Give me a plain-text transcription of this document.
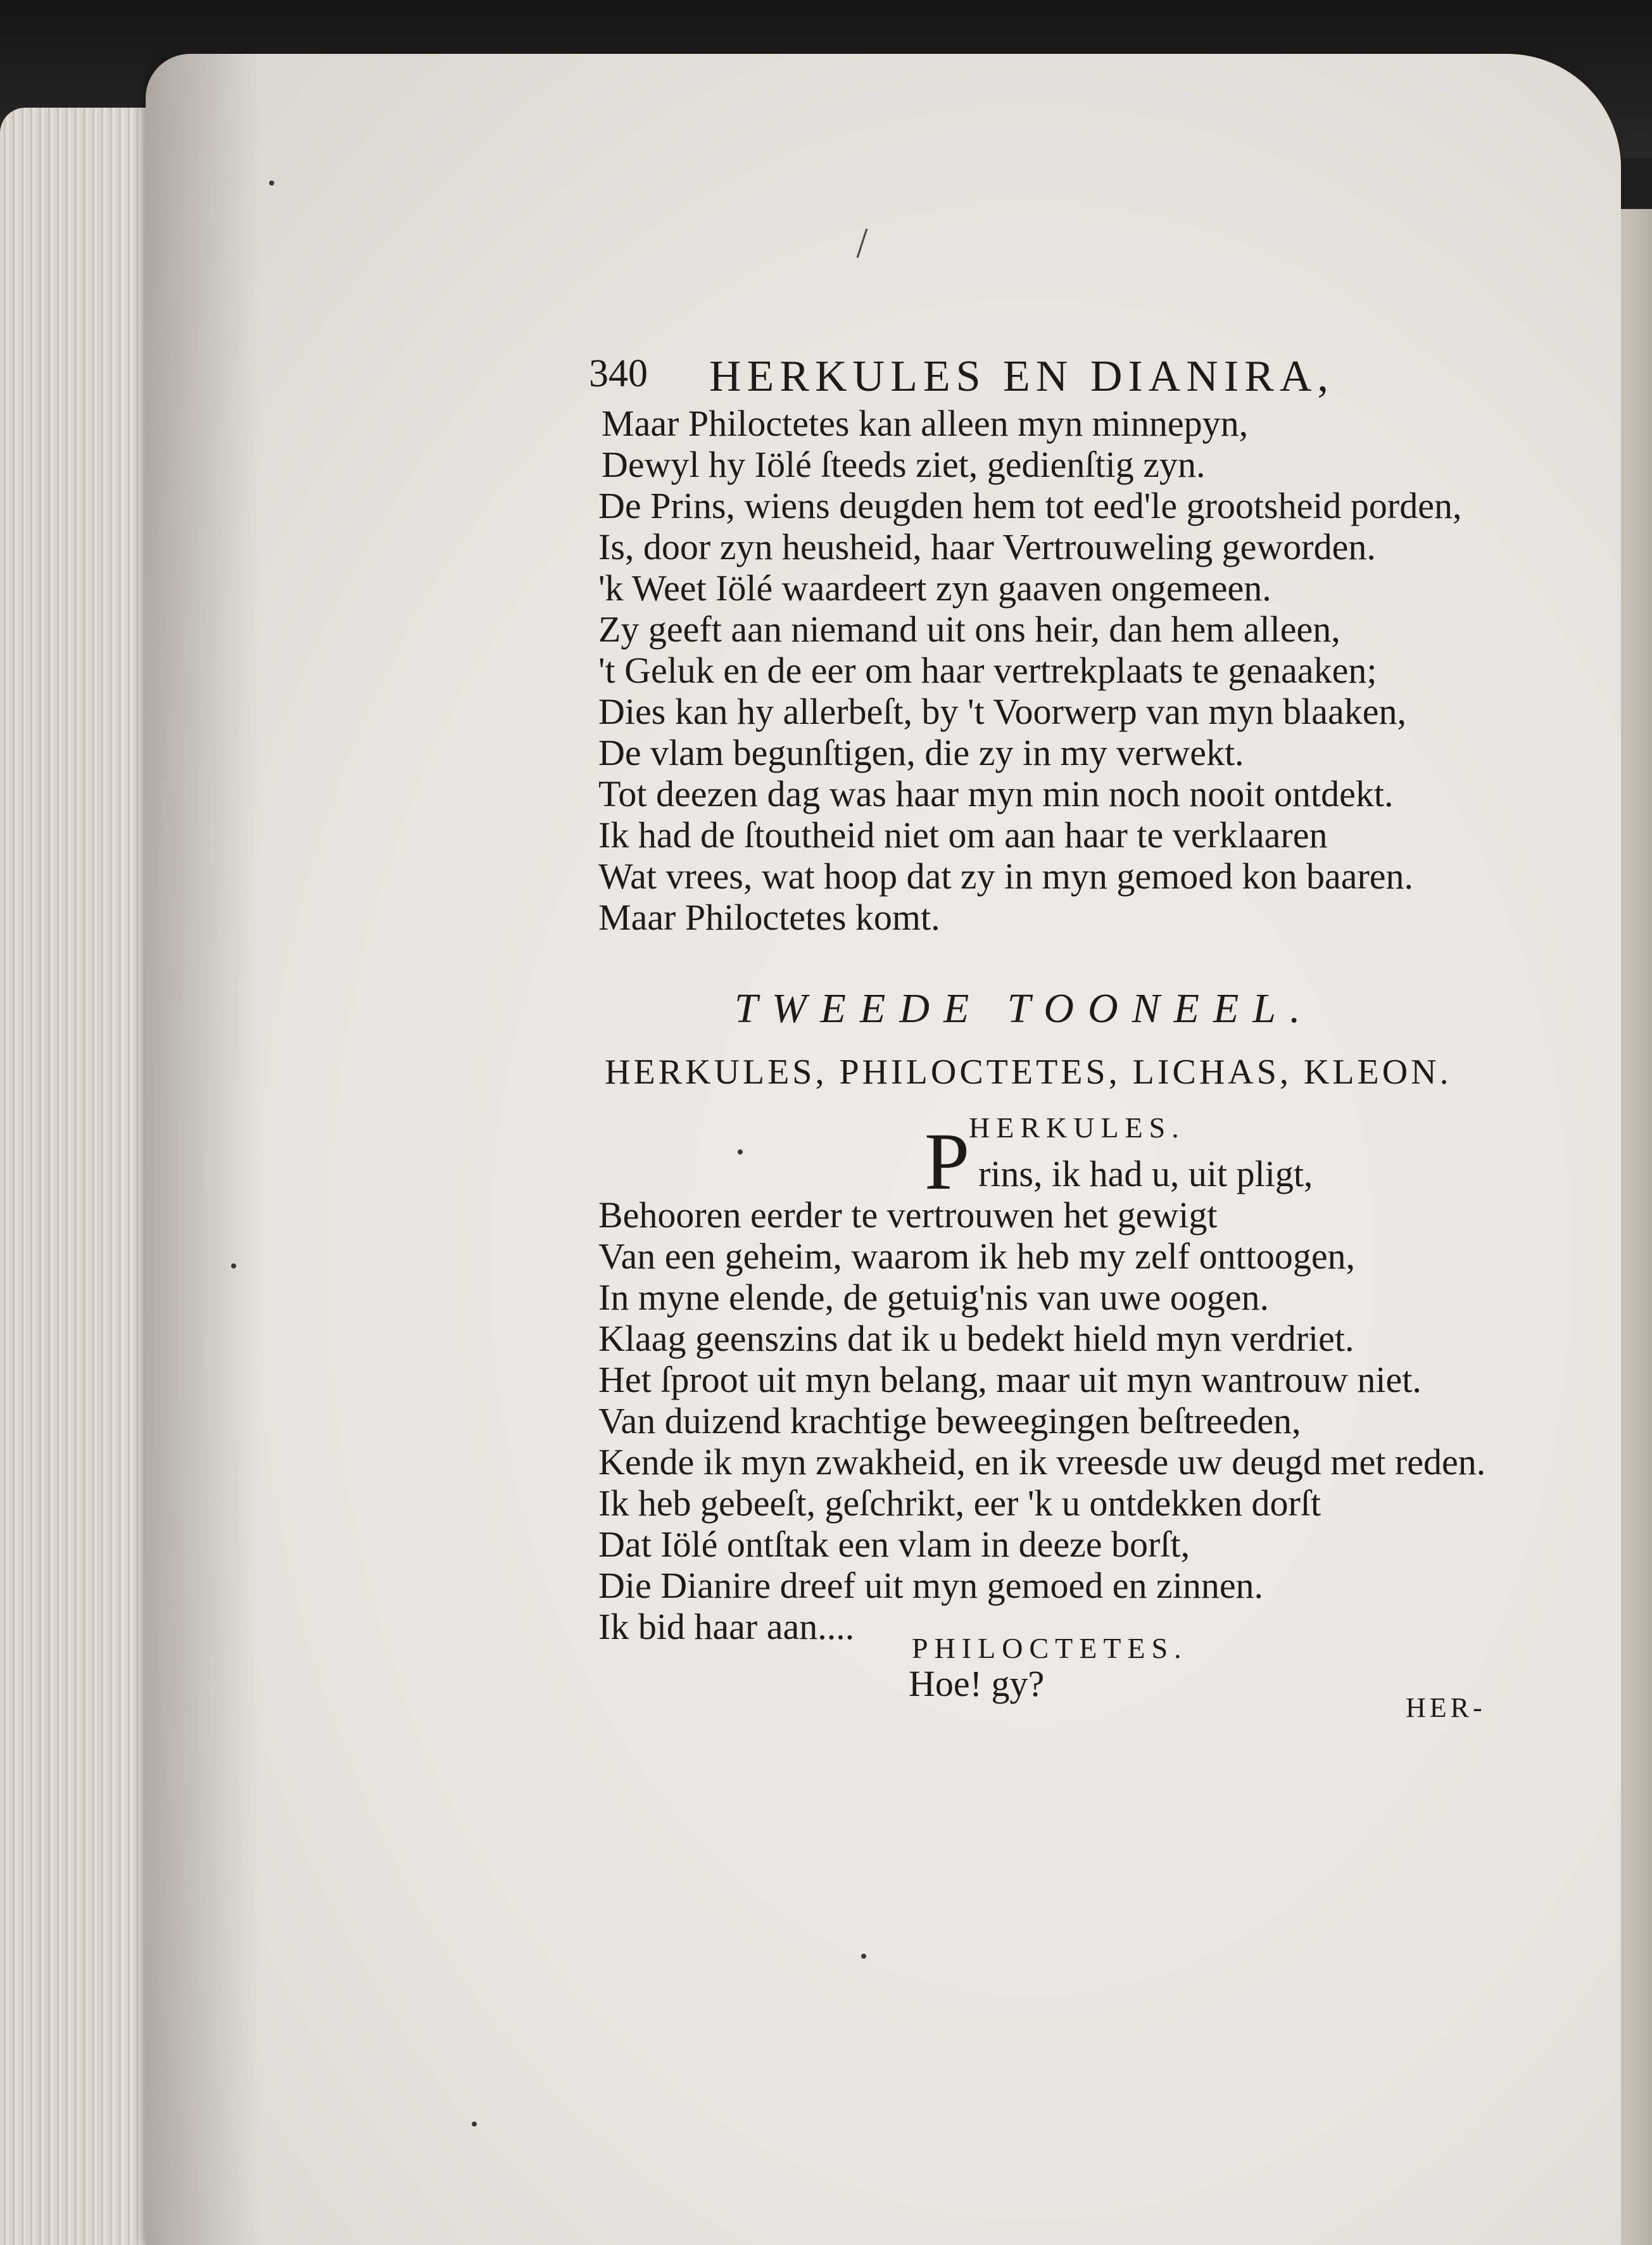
340 HERKULES EN DIANIRA,
Maar Philoctetes kan alleen myn minnepyn,
Dewyl hy Iölé ſteeds ziet, gedienſtig zyn.
De Prins, wiens deugden hem tot eed'le grootsheid porden,
Is, door zyn heusheid, haar Vertrouweling geworden.
'k Weet Iölé waardeert zyn gaaven ongemeen.
Zy geeft aan niemand uit ons heir, dan hem alleen,
't Geluk en de eer om haar vertrekplaats te genaaken;
Dies kan hy allerbeſt, by 't Voorwerp van myn blaaken,
De vlam begunſtigen, die zy in my verwekt.
Tot deezen dag was haar myn min noch nooit ontdekt.
Ik had de ſtoutheid niet om aan haar te verklaaren
Wat vrees, wat hoop dat zy in myn gemoed kon baaren.
Maar Philoctetes komt.
TWEEDE TOONEEL.
HERKULES, PHILOCTETES, LICHAS, KLEON.
HERKULES.
P rins, ik had u, uit pligt,
Behooren eerder te vertrouwen het gewigt
Van een geheim, waarom ik heb my zelf onttoogen,
In myne elende, de getuig'nis van uwe oogen.
Klaag geenszins dat ik u bedekt hield myn verdriet.
Het ſproot uit myn belang, maar uit myn wantrouw niet.
Van duizend krachtige beweegingen beſtreeden,
Kende ik myn zwakheid, en ik vreesde uw deugd met reden.
Ik heb gebeeſt, geſchrikt, eer 'k u ontdekken dorſt
Dat Iölé ontſtak een vlam in deeze borſt,
Die Dianire dreef uit myn gemoed en zinnen.
Ik bid haar aan....
PHILOCTETES.
Hoe! gy?
HER-
